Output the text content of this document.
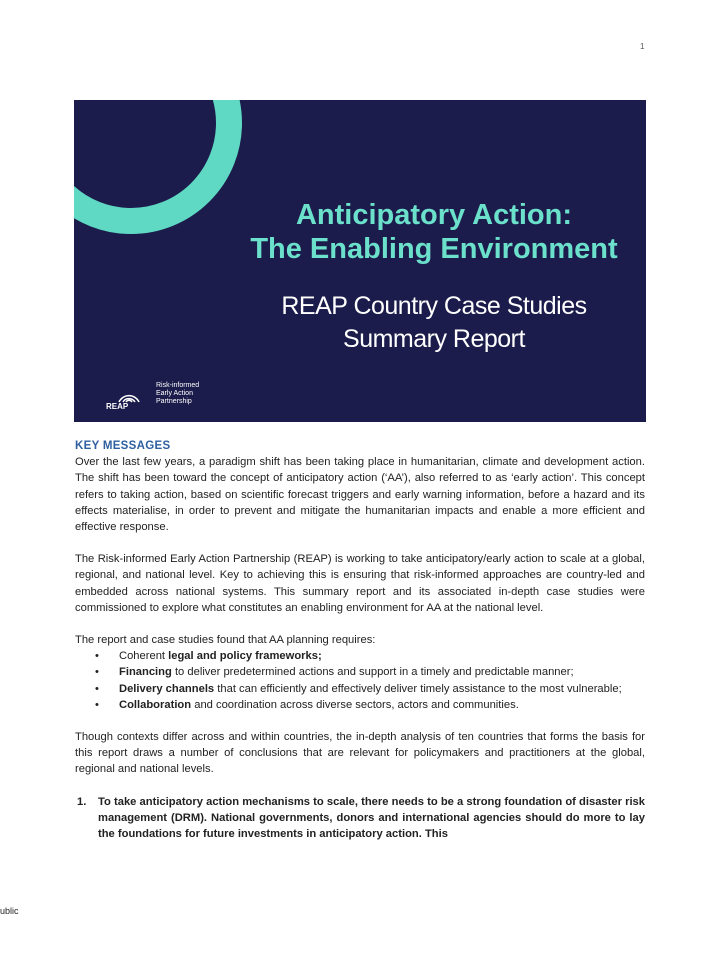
1
Anticipatory Action:
The Enabling Environment
REAP Country Case Studies
Summary Report
REAP
Risk-informed
Early Action
Partnership
KEY MESSAGES

Over the last few years, a paradigm shift has been taking place in humanitarian, climate and development action. The shift has been toward the concept of anticipatory action (‘AA’), also referred to as ‘early action’. This concept refers to taking action, based on scientific forecast triggers and early warning information, before a hazard and its effects materialise, in order to prevent and mitigate the humanitarian impacts and enable a more efficient and effective response.

The Risk-informed Early Action Partnership (REAP) is working to take anticipatory/early action to scale at a global, regional, and national level. Key to achieving this is ensuring that risk-informed approaches are country-led and embedded across national systems. This summary report and its associated in-depth case studies were commissioned to explore what constitutes an enabling environment for AA at the national level.

The report and case studies found that AA planning requires:

• Coherent legal and policy frameworks;
• Financing to deliver predetermined actions and support in a timely and predictable manner;
• Delivery channels that can efficiently and effectively deliver timely assistance to the most vulnerable;
• Collaboration and coordination across diverse sectors, actors and communities.

Though contexts differ across and within countries, the in-depth analysis of ten countries that forms the basis for this report draws a number of conclusions that are relevant for policymakers and practitioners at the global, regional and national levels.

1. To take anticipatory action mechanisms to scale, there needs to be a strong foundation of disaster risk management (DRM). National governments, donors and international agencies should do more to lay the foundations for future investments in anticipatory action. This
ublic
